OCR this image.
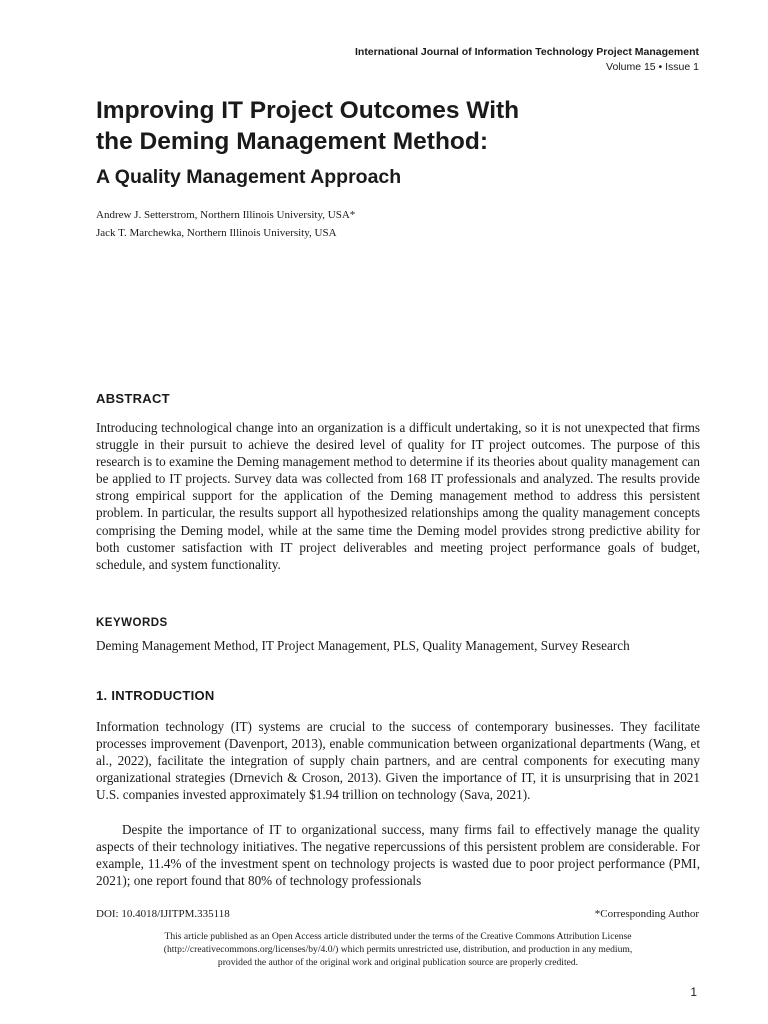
International Journal of Information Technology Project Management
Volume 15 • Issue 1
Improving IT Project Outcomes With
the Deming Management Method:
A Quality Management Approach
Andrew J. Setterstrom, Northern Illinois University, USA*
Jack T. Marchewka, Northern Illinois University, USA
ABSTRACT

Introducing technological change into an organization is a difficult undertaking, so it is not unexpected that firms struggle in their pursuit to achieve the desired level of quality for IT project outcomes. The purpose of this research is to examine the Deming management method to determine if its theories about quality management can be applied to IT projects. Survey data was collected from 168 IT professionals and analyzed. The results provide strong empirical support for the application of the Deming management method to address this persistent problem. In particular, the results support all hypothesized relationships among the quality management concepts comprising the Deming model, while at the same time the Deming model provides strong predictive ability for both customer satisfaction with IT project deliverables and meeting project performance goals of budget, schedule, and system functionality.

KEYWORDS

Deming Management Method, IT Project Management, PLS, Quality Management, Survey Research

1. INTRODUCTION

Information technology (IT) systems are crucial to the success of contemporary businesses. They facilitate processes improvement (Davenport, 2013), enable communication between organizational departments (Wang, et al., 2022), facilitate the integration of supply chain partners, and are central components for executing many organizational strategies (Drnevich & Croson, 2013). Given the importance of IT, it is unsurprising that in 2021 U.S. companies invested approximately $1.94 trillion on technology (Sava, 2021).

Despite the importance of IT to organizational success, many firms fail to effectively manage the quality aspects of their technology initiatives. The negative repercussions of this persistent problem are considerable. For example, 11.4% of the investment spent on technology projects is wasted due to poor project performance (PMI, 2021); one report found that 80% of technology professionals

DOI: 10.4018/IJITPM.335118	*Corresponding Author
This article published as an Open Access article distributed under the terms of the Creative Commons Attribution License
(http://creativecommons.org/licenses/by/4.0/) which permits unrestricted use, distribution, and production in any medium,
provided the author of the original work and original publication source are properly credited.
1
